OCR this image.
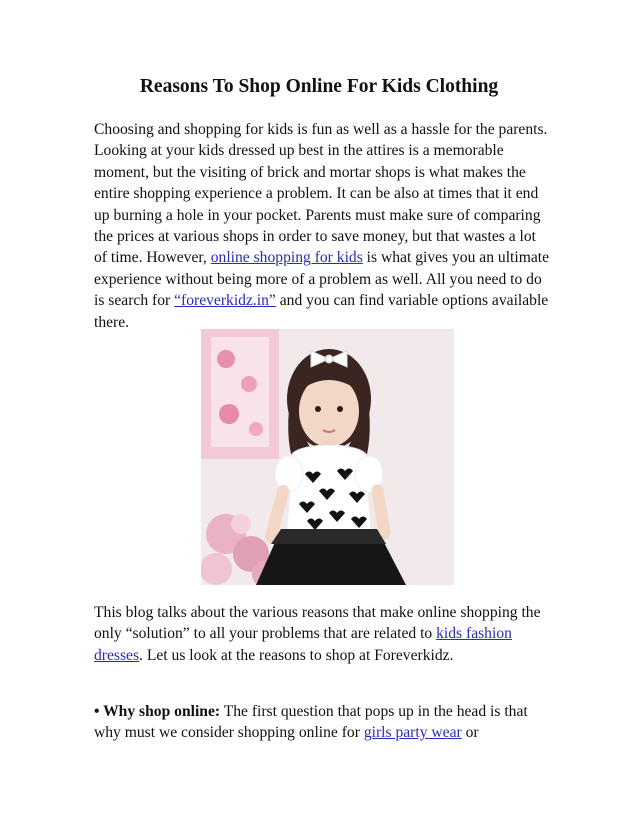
Reasons To Shop Online For Kids Clothing
Choosing and shopping for kids is fun as well as a hassle for the parents. Looking at your kids dressed up best in the attires is a memorable moment, but the visiting of brick and mortar shops is what makes the entire shopping experience a problem. It can be also at times that it end up burning a hole in your pocket. Parents must make sure of comparing the prices at various shops in order to save money, but that wastes a lot of time. However, online shopping for kids is what gives you an ultimate experience without being more of a problem as well. All you need to do is search for “foreverkidz.in” and you can find variable options available there.
This blog talks about the various reasons that make online shopping the only “solution” to all your problems that are related to kids fashion dresses. Let us look at the reasons to shop at Foreverkidz.
• Why shop online: The first question that pops up in the head is that why must we consider shopping online for girls party wear or
